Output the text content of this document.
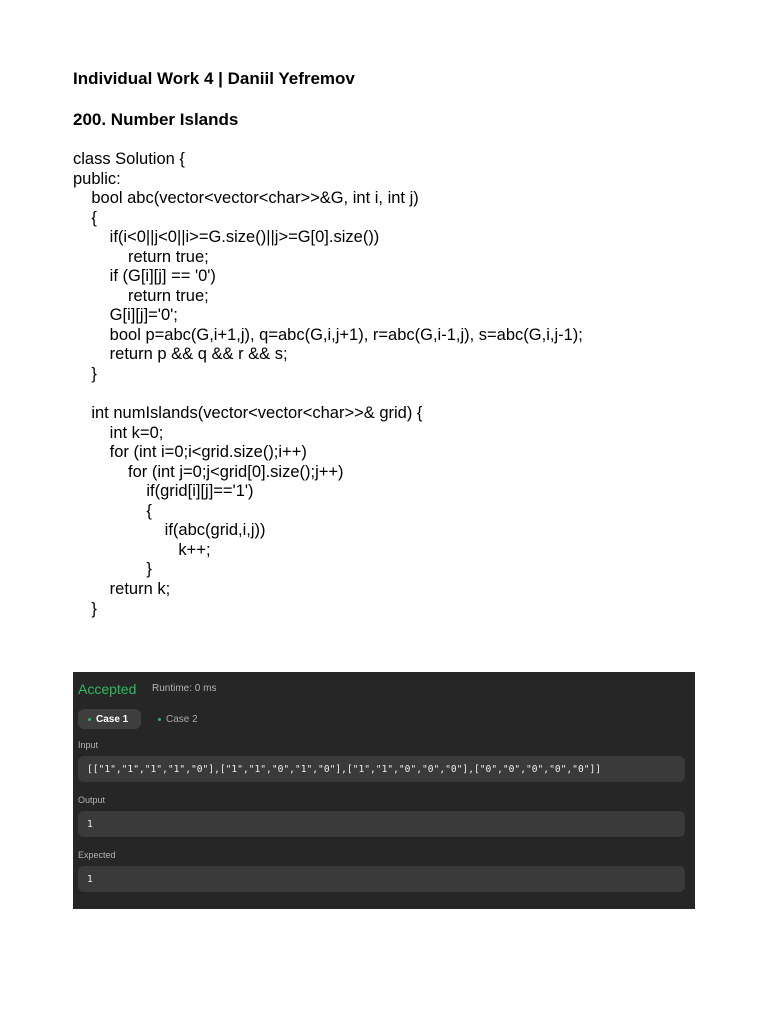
Individual Work 4 | Daniil Yefremov
200. Number Islands
class Solution {
public:
bool abc(vector<vector<char>>&G, int i, int j)
{
if(i<0||j<0||i>=G.size()||j>=G[0].size())
return true;
if (G[i][j] == '0')
return true;
G[i][j]='0';
bool p=abc(G,i+1,j), q=abc(G,i,j+1), r=abc(G,i-1,j), s=abc(G,i,j-1);
return p && q && r && s;
}
int numIslands(vector<vector<char>>& grid) {
int k=0;
for (int i=0;i<grid.size();i++)
for (int j=0;j<grid[0].size();j++)
if(grid[i][j]=='1')
{
if(abc(grid,i,j))
k++;
}
return k;
}
Accepted Runtime: 0 ms
Case 1	Case 2
Input
[["1","1","1","1","0"],["1","1","0","1","0"],["1","1","0","0","0"],["0","0","0","0","0"]]
Output
1
Expected
1
